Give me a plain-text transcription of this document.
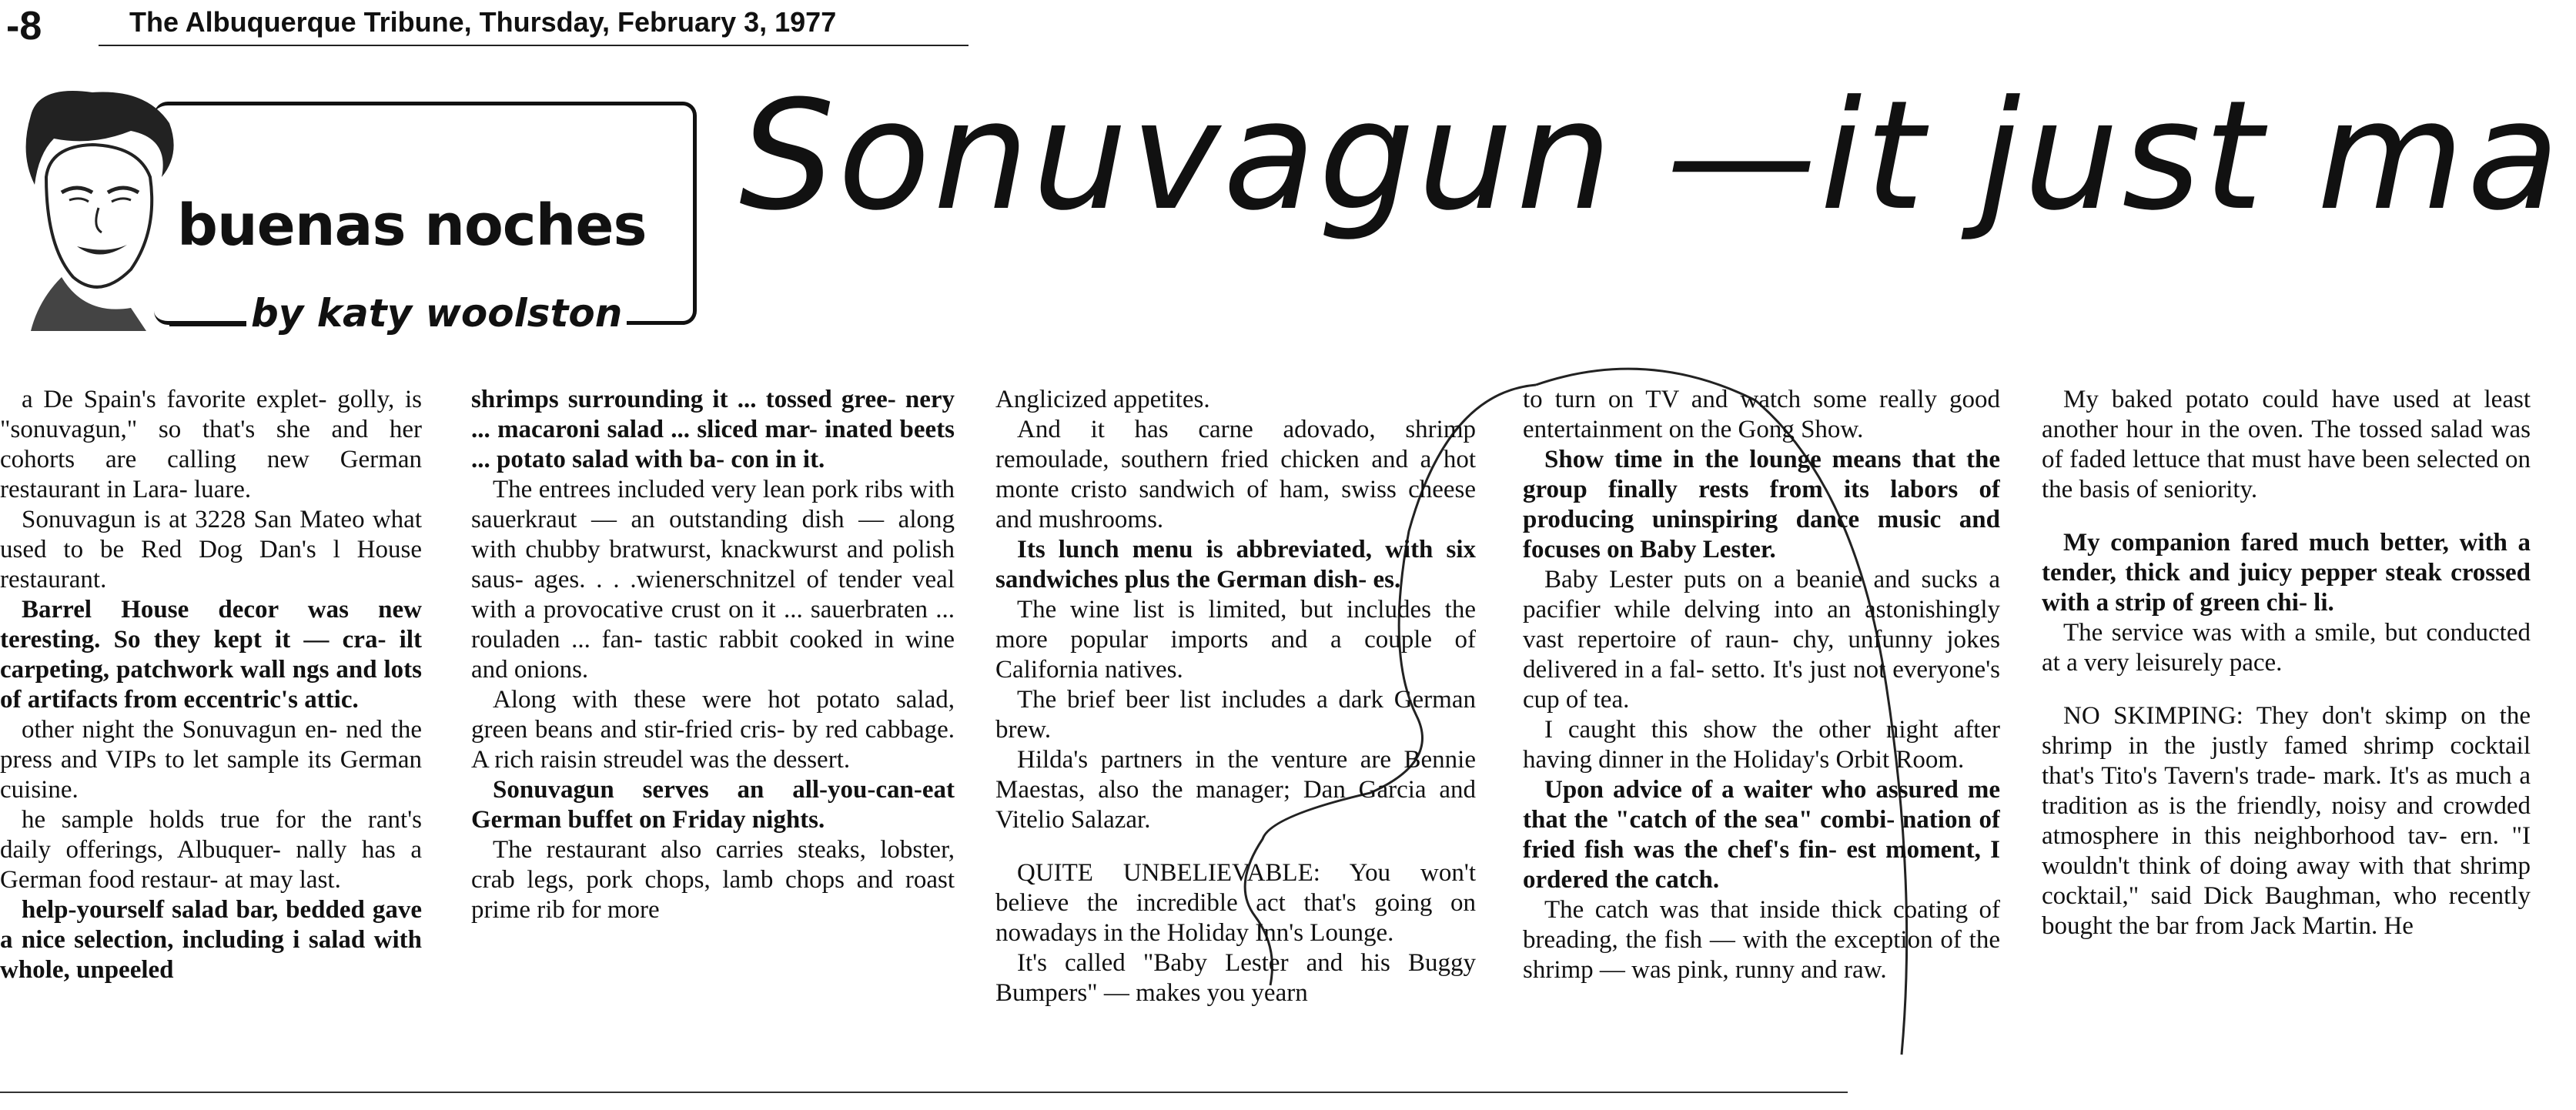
-8	The Albuquerque Tribune, Thursday, February 3, 1977
buenas noches
by katy woolston
Sonuvagun —it just ma

a De Spain's favorite explet- golly, is "sonuvagun," so that's she and her cohorts are calling new German restaurant in Lara- luare.

Sonuvagun is at 3228 San Mateo what used to be Red Dog Dan's l House restaurant.

Barrel House decor was new teresting. So they kept it — cra- ilt carpeting, patchwork wall ngs and lots of artifacts from eccentric's attic.

other night the Sonuvagun en- ned the press and VIPs to let sample its German cuisine.

he sample holds true for the rant's daily offerings, Albuquer- nally has a German food restaur- at may last.

help-yourself salad bar, bedded gave a nice selection, including i salad with whole, unpeeled

shrimps surrounding it ... tossed gree- nery ... macaroni salad ... sliced mar- inated beets ... potato salad with ba- con in it.

The entrees included very lean pork ribs with sauerkraut — an outstanding dish — along with chubby bratwurst, knackwurst and polish saus- ages. . . .wienerschnitzel of tender veal with a provocative crust on it ... sauerbraten ... rouladen ... fan- tastic rabbit cooked in wine and onions.

Along with these were hot potato salad, green beans and stir-fried cris- by red cabbage. A rich raisin streudel was the dessert.

Sonuvagun serves an all-you-can-eat German buffet on Friday nights.

The restaurant also carries steaks, lobster, crab legs, pork chops, lamb chops and roast prime rib for more

Anglicized appetites.

And it has carne adovado, shrimp remoulade, southern fried chicken and a hot monte cristo sandwich of ham, swiss cheese and mushrooms.

Its lunch menu is abbreviated, with six sandwiches plus the German dish- es.

The wine list is limited, but includes the more popular imports and a couple of California natives.

The brief beer list includes a dark German brew.

Hilda's partners in the venture are Bennie Maestas, also the manager; Dan Garcia and Vitelio Salazar.

QUITE UNBELIEVABLE: You won't believe the incredible act that's going on nowadays in the Holiday Inn's Lounge.

It's called "Baby Lester and his Buggy Bumpers" — makes you yearn

to turn on TV and watch some really good entertainment on the Gong Show.

Show time in the lounge means that the group finally rests from its labors of producing uninspiring dance music and focuses on Baby Lester.

Baby Lester puts on a beanie and sucks a pacifier while delving into an astonishingly vast repertoire of raun- chy, unfunny jokes delivered in a fal- setto. It's just not everyone's cup of tea.

I caught this show the other night after having dinner in the Holiday's Orbit Room.

Upon advice of a waiter who assured me that the "catch of the sea" combi- nation of fried fish was the chef's fin- est moment, I ordered the catch.

The catch was that inside thick coating of breading, the fish — with the exception of the shrimp — was pink, runny and raw.

My baked potato could have used at least another hour in the oven. The tossed salad was of faded lettuce that must have been selected on the basis of seniority.

My companion fared much better, with a tender, thick and juicy pepper steak crossed with a strip of green chi- li.

The service was with a smile, but conducted at a very leisurely pace.

NO SKIMPING: They don't skimp on the shrimp in the justly famed shrimp cocktail that's Tito's Tavern's trade- mark. It's as much a tradition as is the friendly, noisy and crowded atmosphere in this neighborhood tav- ern. "I wouldn't think of doing away with that shrimp cocktail," said Dick Baughman, who recently bought the bar from Jack Martin. He
